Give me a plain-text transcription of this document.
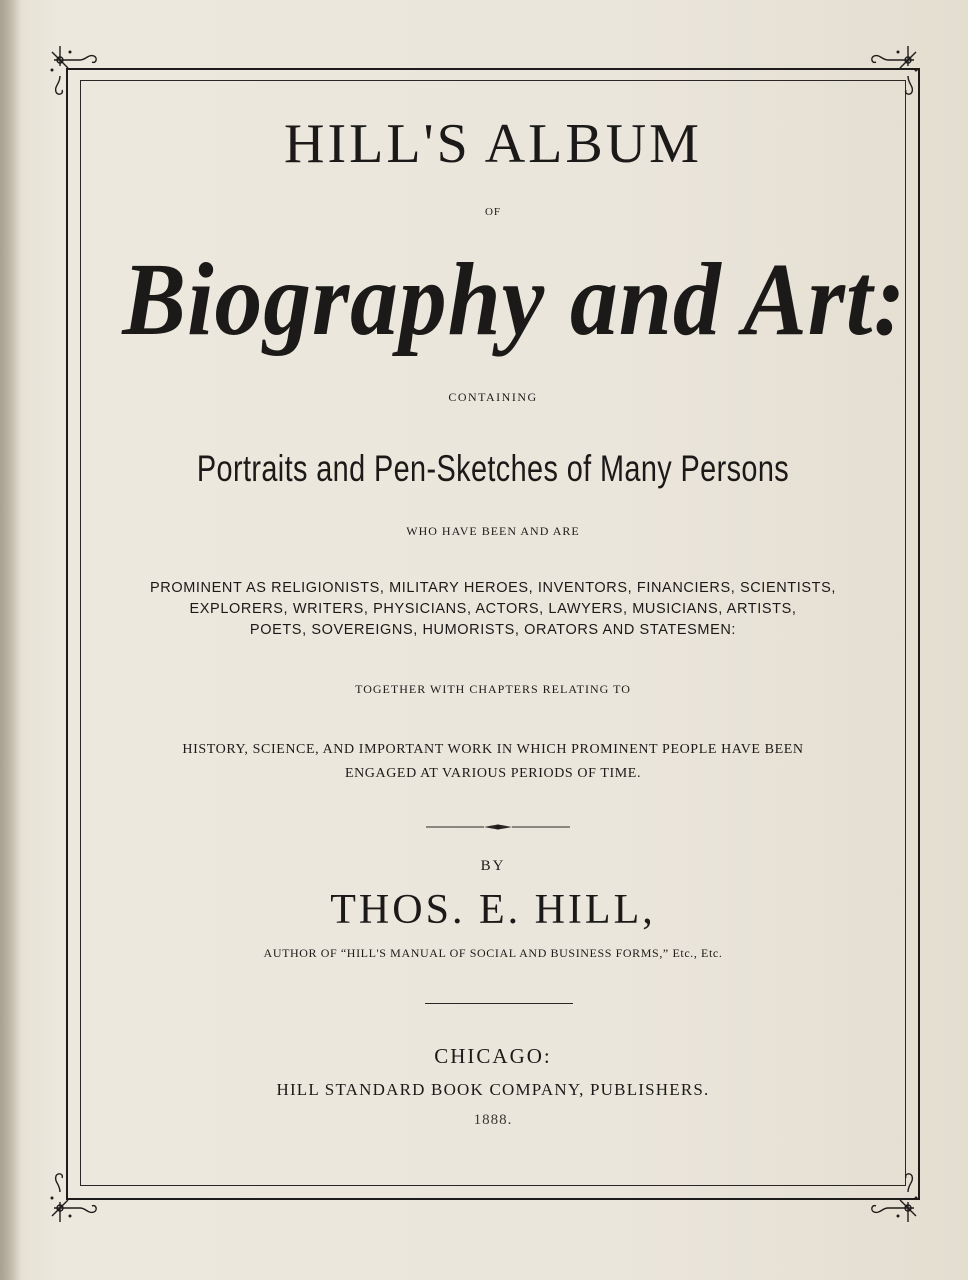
HILL'S ALBUM
OF
Biography and Art:
CONTAINING
Portraits and Pen-Sketches of Many Persons
WHO HAVE BEEN AND ARE
PROMINENT AS RELIGIONISTS, MILITARY HEROES, INVENTORS, FINANCIERS, SCIENTISTS,
EXPLORERS, WRITERS, PHYSICIANS, ACTORS, LAWYERS, MUSICIANS, ARTISTS,
POETS, SOVEREIGNS, HUMORISTS, ORATORS AND STATESMEN:
TOGETHER WITH CHAPTERS RELATING TO
HISTORY, SCIENCE, AND IMPORTANT WORK IN WHICH PROMINENT PEOPLE HAVE BEEN
ENGAGED AT VARIOUS PERIODS OF TIME.
BY
THOS. E. HILL,
AUTHOR OF “HILL'S MANUAL OF SOCIAL AND BUSINESS FORMS,” Etc., Etc.
CHICAGO:
HILL STANDARD BOOK COMPANY, PUBLISHERS.
1888.
